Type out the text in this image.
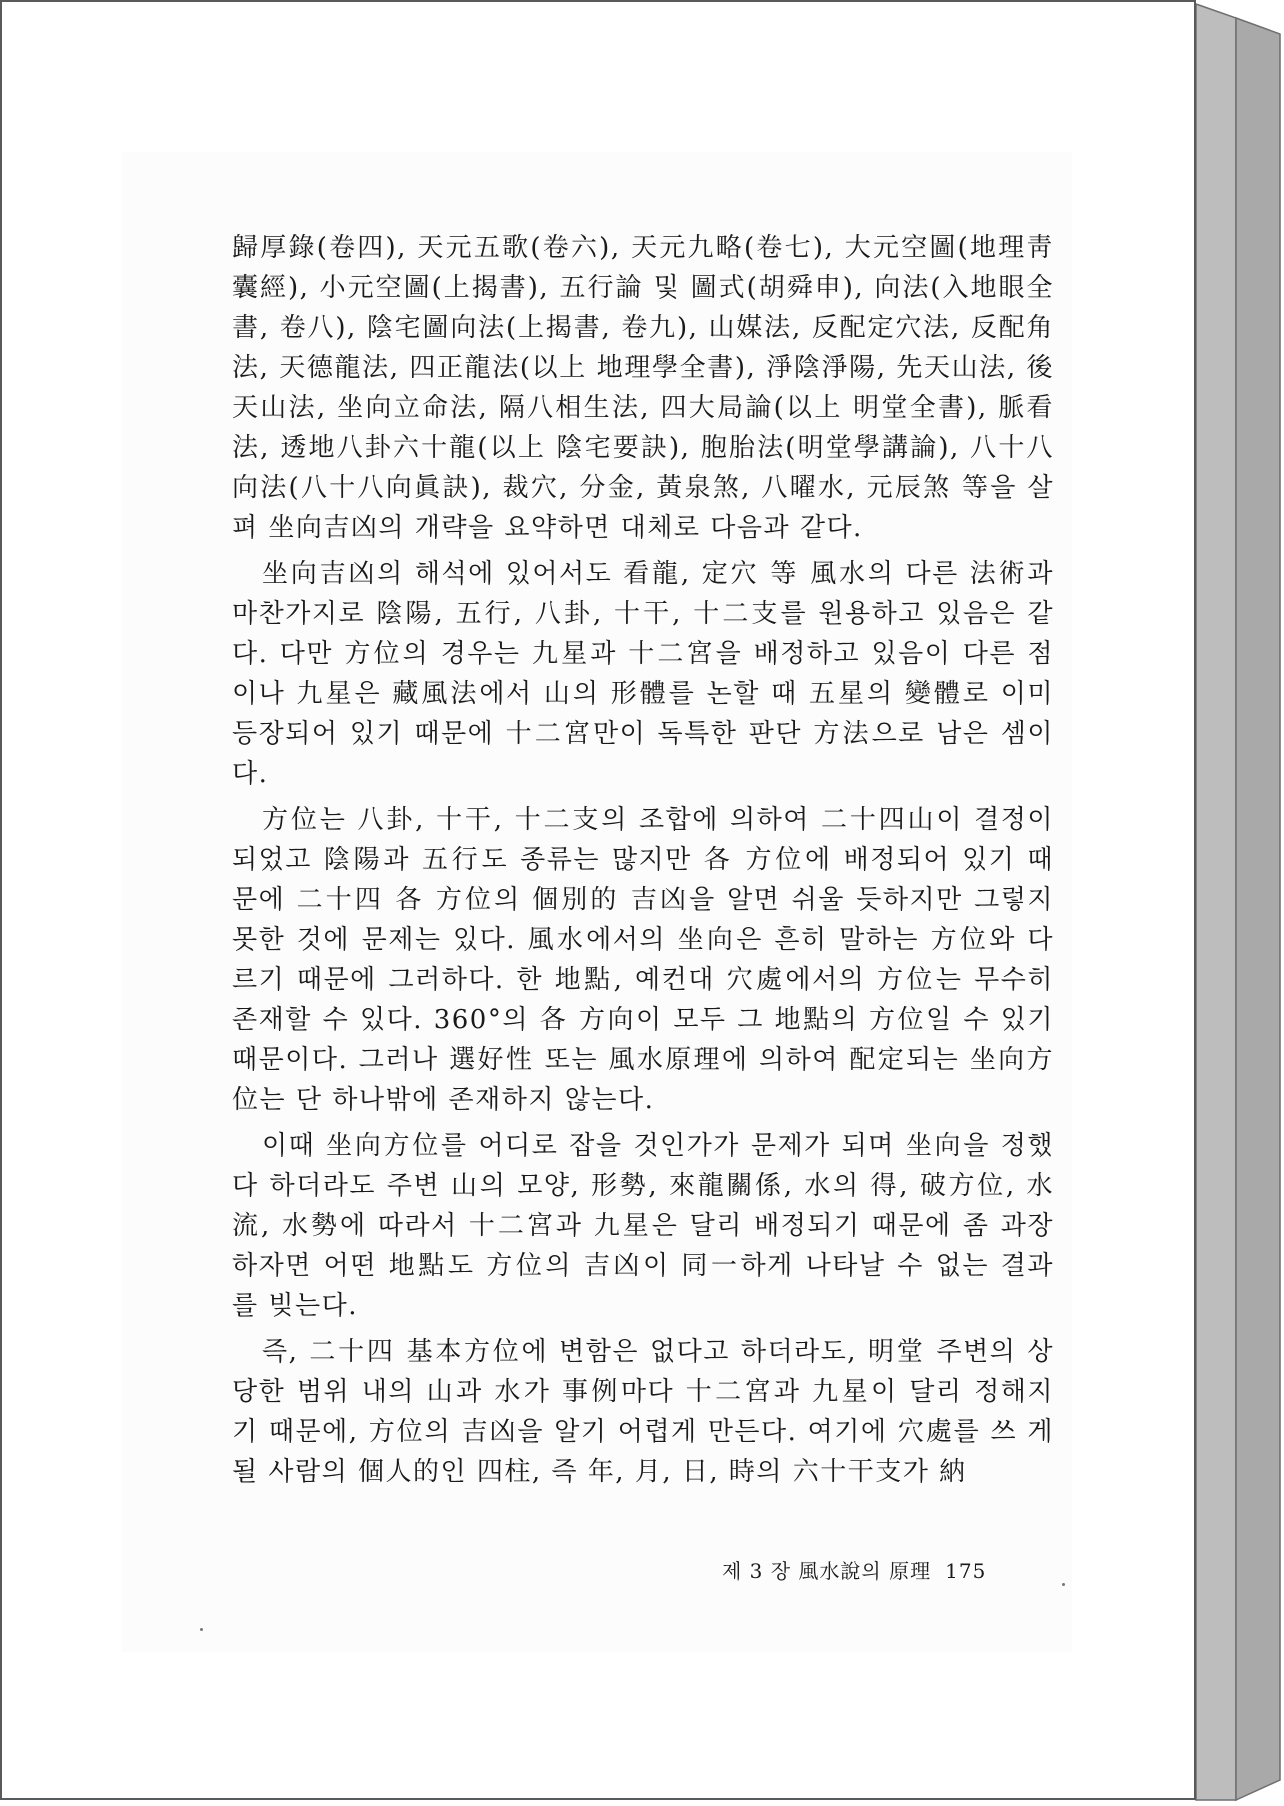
歸厚錄(卷四), 天元五歌(卷六), 天元九略(卷七), 大元空圖(地理靑 囊經), 小元空圖(上揭書), 五行論 및 圖式(胡舜申), 向法(入地眼全 書, 卷八), 陰宅圖向法(上揭書, 卷九), 山媒法, 反配定穴法, 反配角 法, 天德龍法, 四正龍法(以上 地理學全書), 淨陰淨陽, 先天山法, 後 天山法, 坐向立命法, 隔八相生法, 四大局論(以上 明堂全書), 脈看 法, 透地八卦六十龍(以上 陰宅要訣), 胞胎法(明堂學講論), 八十八 向法(八十八向眞訣), 裁穴, 分金, 黃泉煞, 八曜水, 元辰煞 等을 살 펴 坐向吉凶의 개략을 요약하면 대체로 다음과 같다.

坐向吉凶의 해석에 있어서도 看龍, 定穴 等 風水의 다른 法術과 마찬가지로 陰陽, 五行, 八卦, 十干, 十二支를 원용하고 있음은 같 다. 다만 方位의 경우는 九星과 十二宮을 배정하고 있음이 다른 점 이나 九星은 藏風法에서 山의 形體를 논할 때 五星의 變體로 이미 등장되어 있기 때문에 十二宮만이 독특한 판단 方法으로 남은 셈이 다.

方位는 八卦, 十干, 十二支의 조합에 의하여 二十四山이 결정이 되었고 陰陽과 五行도 종류는 많지만 各 方位에 배정되어 있기 때 문에 二十四 各 方位의 個別的 吉凶을 알면 쉬울 듯하지만 그렇지 못한 것에 문제는 있다. 風水에서의 坐向은 흔히 말하는 方位와 다 르기 때문에 그러하다. 한 地點, 예컨대 穴處에서의 方位는 무수히 존재할 수 있다. 360°의 各 方向이 모두 그 地點의 方位일 수 있기 때문이다. 그러나 選好性 또는 風水原理에 의하여 配定되는 坐向方 位는 단 하나밖에 존재하지 않는다.

이때 坐向方位를 어디로 잡을 것인가가 문제가 되며 坐向을 정했 다 하더라도 주변 山의 모양, 形勢, 來龍關係, 水의 得, 破方位, 水 流, 水勢에 따라서 十二宮과 九星은 달리 배정되기 때문에 좀 과장 하자면 어떤 地點도 方位의 吉凶이 同一하게 나타날 수 없는 결과 를 빚는다.

즉, 二十四 基本方位에 변함은 없다고 하더라도, 明堂 주변의 상 당한 범위 내의 山과 水가 事例마다 十二宮과 九星이 달리 정해지 기 때문에, 方位의 吉凶을 알기 어렵게 만든다. 여기에 穴處를 쓰 게 될 사람의 個人的인 四柱, 즉 年, 月, 日, 時의 六十干支가 納

제 3 장 風水說의 原理 175
